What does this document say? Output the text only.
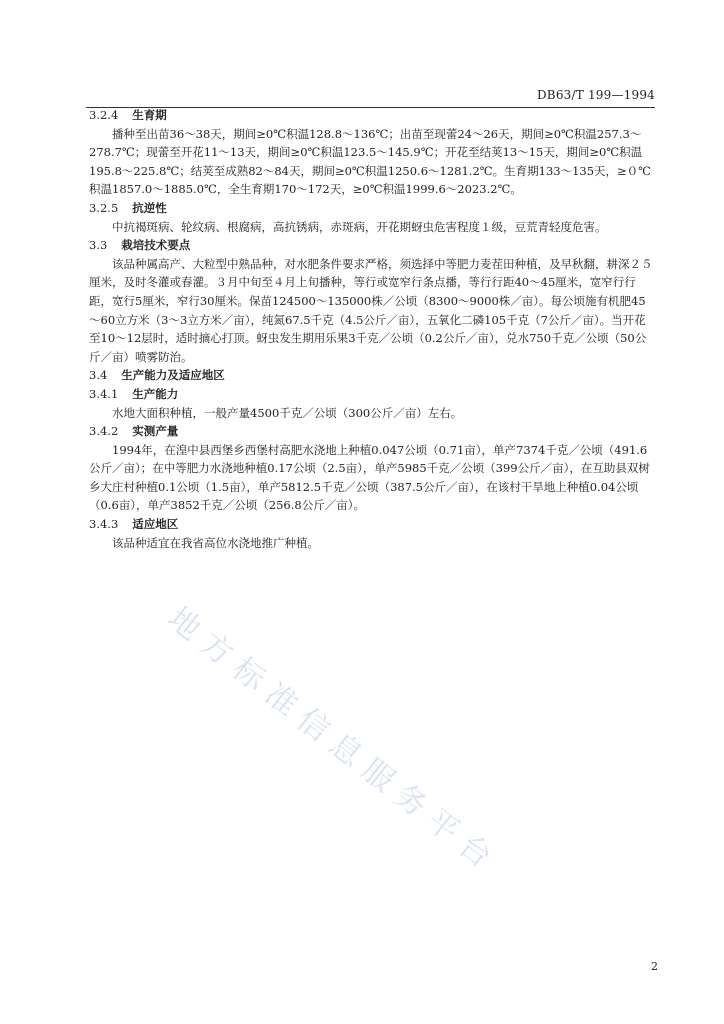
DB63/T 199—1994

3.2.4 生育期

播种至出苗36～38天，期间≥0℃积温128.8～136℃；出苗至现蕾24～26天，期间≥0℃积温257.3～278.7℃；现蕾至开花11～13天，期间≥0℃积温123.5～145.9℃；开花至结荚13～15天，期间≥0℃积温195.8～225.8℃；结荚至成熟82～84天，期间≥0℃积温1250.6～1281.2℃。生育期133～135天，≥０℃积温1857.0～1885.0℃，全生育期170～172天，≥0℃积温1999.6～2023.2℃。

3.2.5 抗逆性

中抗褐斑病、轮纹病、根腐病，高抗锈病，赤斑病，开花期蚜虫危害程度１级，豆荒青轻度危害。

3.3 栽培技术要点

该品种属高产、大粒型中熟品种，对水肥条件要求严格，须选择中等肥力麦茬田种植，及早秋翻，耕深２５厘米，及时冬灌或春灌。３月中旬至４月上旬播种，等行或宽窄行条点播，等行行距40～45厘米，宽窄行行距，宽行5厘米，窄行30厘米。保苗124500～135000株／公顷（8300～9000株／亩）。每公顷施有机肥45～60立方米（3～3立方米／亩），纯氮67.5千克（4.5公斤／亩），五氧化二磷105千克（7公斤／亩）。当开花至10～12层时，适时摘心打顶。蚜虫发生期用乐果3千克／公顷（0.2公斤／亩），兑水750千克／公顷（50公斤／亩）喷雾防治。

3.4 生产能力及适应地区

3.4.1 生产能力

水地大面积种植，一般产量4500千克／公顷（300公斤／亩）左右。

3.4.2 实测产量

1994年，在湟中县西堡乡西堡村高肥水浇地上种植0.047公顷（0.71亩），单产7374千克／公顷（491.6公斤／亩）；在中等肥力水浇地种植0.17公顷（2.5亩），单产5985千克／公顷（399公斤／亩），在互助县双树乡大庄村种植0.1公顷（1.5亩），单产5812.5千克／公顷（387.5公斤／亩），在该村干旱地上种植0.04公顷（0.6亩），单产3852千克／公顷（256.8公斤／亩）。

3.4.3 适应地区

该品种适宜在我省高位水浇地推广种植。

地方标准信息服务平台
2
